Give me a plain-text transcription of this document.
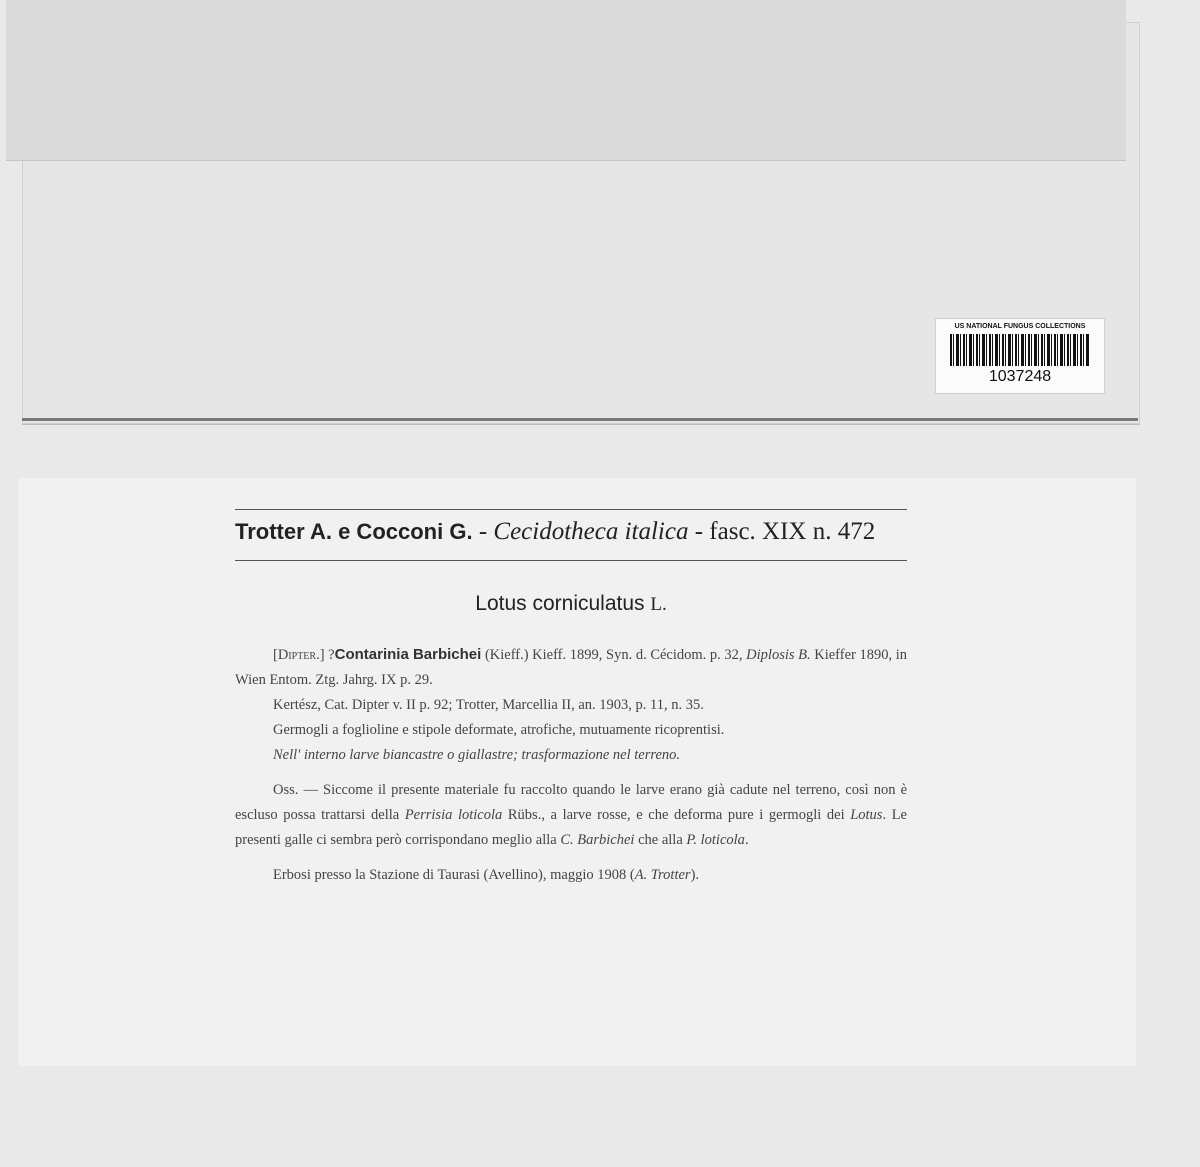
US NATIONAL FUNGUS COLLECTIONS
1037248
Trotter A. e Cocconi G. - Cecidotheca italica - fasc. XIX n. 472
Lotus corniculatus L.

[Dipter.] ?Contarinia Barbichei (Kieff.) Kieff. 1899, Syn. d. Cécidom. p. 32, Diplosis B. Kieffer 1890, in Wien Entom. Ztg. Jahrg. IX p. 29.

Kertész, Cat. Dipter v. II p. 92; Trotter, Marcellia II, an. 1903, p. 11, n. 35.

Germogli a foglioline e stipole deformate, atrofiche, mutuamente ricoprentisi.

Nell' interno larve biancastre o giallastre; trasformazione nel terreno.

Oss. — Siccome il presente materiale fu raccolto quando le larve erano già cadute nel terreno, così non è escluso possa trattarsi della Perrisia loticola Rübs., a larve rosse, e che deforma pure i germogli dei Lotus. Le presenti galle ci sembra però corrispondano meglio alla C. Barbichei che alla P. loticola.

Erbosi presso la Stazione di Taurasi (Avellino), maggio 1908 (A. Trotter).
